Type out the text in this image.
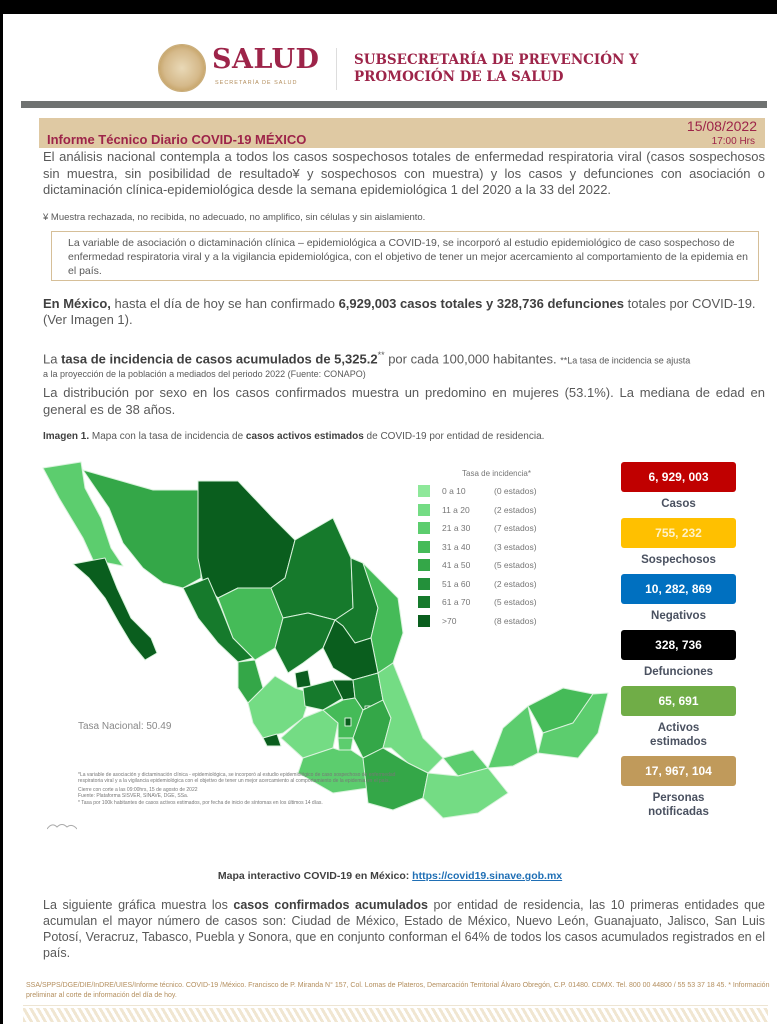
SALUD
SECRETARÍA DE SALUD
SUBSECRETARÍA DE PREVENCIÓN Y
PROMOCIÓN DE LA SALUD
Informe Técnico Diario COVID-19 MÉXICO
15/08/2022
17:00 Hrs

El análisis nacional contempla a todos los casos sospechosos totales de enfermedad respiratoria viral (casos sospechosos sin muestra, sin posibilidad de resultado¥ y sospechosos con muestra) y los casos y defunciones con asociación o dictaminación clínica-epidemiológica desde la semana epidemiológica 1 del 2020 a la 33 del 2022.

¥ Muestra rechazada, no recibida, no adecuado, no amplifico, sin células y sin aislamiento.

La variable de asociación o dictaminación clínica – epidemiológica a COVID-19, se incorporó al estudio epidemiológico de caso sospechoso de enfermedad respiratoria viral y a la vigilancia epidemiológica, con el objetivo de tener un mejor acercamiento al comportamiento de la epidemia en el país.

En México, hasta el día de hoy se han confirmado 6,929,003 casos totales y 328,736 defunciones totales por COVID-19. (Ver Imagen 1).

La tasa de incidencia de casos acumulados de 5,325.2** por cada 100,000 habitantes. **La tasa de incidencia se ajusta
a la proyección de la población a mediados del periodo 2022 (Fuente: CONAPO)

La distribución por sexo en los casos confirmados muestra un predomino en mujeres (53.1%). La mediana de edad en general es de 38 años.

Imagen 1. Mapa con la tasa de incidencia de casos activos estimados de COVID-19 por entidad de residencia.

Tasa de incidencia*
0 a 10	(0 estados)
11 a 20	(2 estados)
21 a 30	(7 estados)
31 a 40	(3 estados)
41 a 50	(5 estados)
51 a 60	(2 estados)
61 a 70	(5 estados)
>70	(8 estados)
Tasa Nacional: 50.49
*La variable de asociación y dictaminación clínica - epidemiológica, se incorporó al estudio epidemiológico de caso sospechoso de enfermedad respiratoria viral y a la vigilancia epidemiológica con el objetivo de tener un mejor acercamiento al comportamiento de la epidemia en el país.
Cierre con corte a las 09:00hrs, 15 de agosto de 2022
Fuente: Plataforma SISVER, SINAVE, DGE, SSa.
* Tasa por 100k habitantes de casos activos estimados, por fecha de inicio de síntomas en los últimos 14 días.
6, 929, 003
Casos
755, 232
Sospechosos
10, 282, 869
Negativos
328, 736
Defunciones
65, 691
Activos estimados
17, 967, 104
Personas notificadas

Mapa interactivo COVID-19 en México: https://covid19.sinave.gob.mx

La siguiente gráfica muestra los casos confirmados acumulados por entidad de residencia, las 10 primeras entidades que acumulan el mayor número de casos son: Ciudad de México, Estado de México, Nuevo León, Guanajuato, Jalisco, San Luis Potosí, Veracruz, Tabasco, Puebla y Sonora, que en conjunto conforman el 64% de todos los casos acumulados registrados en el país.

SSA/SPPS/DGE/DIE/InDRE/UIES/Informe técnico. COVID-19 /México. Francisco de P. Miranda N° 157, Col. Lomas de Plateros, Demarcación Territorial Álvaro Obregón, C.P. 01480. CDMX. Tel. 800 00 44800 / 55 53 37 18 45. * Información preliminar al corte de información del día de hoy.
